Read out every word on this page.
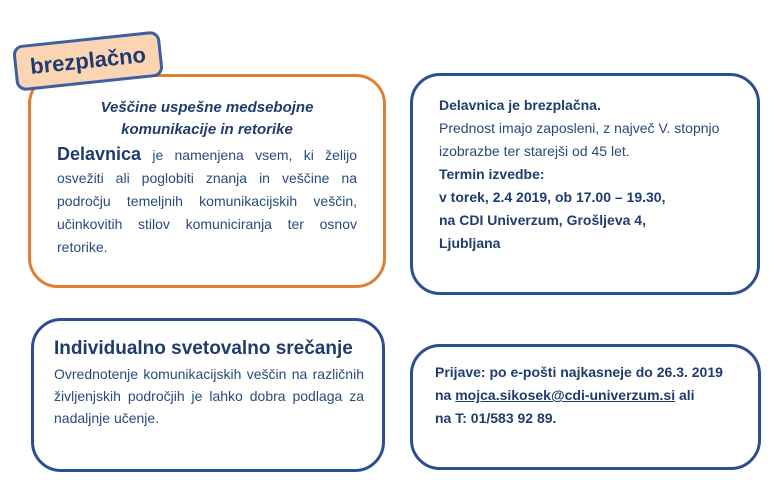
brezplačno

Veščine uspešne medsebojne
komunikacije in retorike

Delavnica je namenjena vsem, ki želijo osvežiti ali poglobiti znanja in veščine na področju temeljnih komunikacijskih veščin, učinkovitih stilov komuniciranja ter osnov retorike.

Delavnica je brezplačna.

Prednost imajo zaposleni, z največ V. stopnjo izobrazbe ter starejši od 45 let.

Termin izvedbe:

v torek, 2.4 2019, ob 17.00 – 19.30,

na CDI Univerzum, Grošljeva 4,

Ljubljana

Individualno svetovalno srečanje

Ovrednotenje komunikacijskih veščin na različnih življenjskih področjih je lahko dobra podlaga za nadaljnje učenje.

Prijave: po e-pošti najkasneje do 26.3. 2019

na mojca.sikosek@cdi-univerzum.si ali

na T: 01/583 92 89.
